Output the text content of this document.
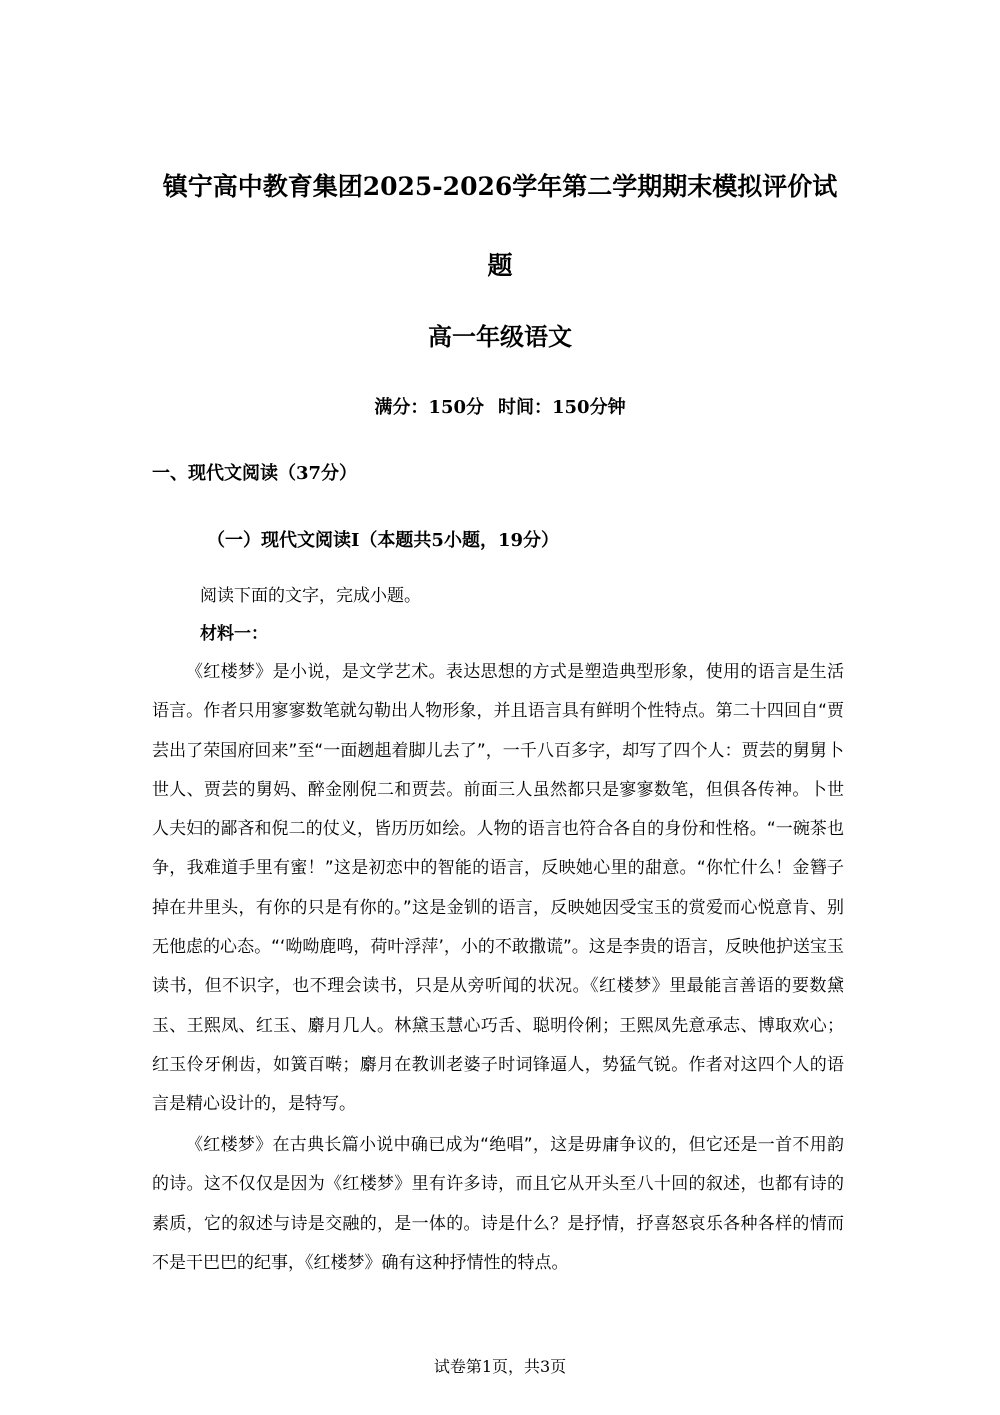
镇宁高中教育集团2025-2026学年第二学期期末模拟评价试
题
高一年级语文
满分：150分 时间：150分钟
一、现代文阅读（37分）
（一）现代文阅读Ⅰ（本题共5小题，19分）

阅读下面的文字，完成小题。

材料一：

《红楼梦》是小说，是文学艺术。表达思想的方式是塑造典型形象，使用的语言是生活语言。作者只用寥寥数笔就勾勒出人物形象，并且语言具有鲜明个性特点。第二十四回自“贾芸出了荣国府回来”至“一面趔趄着脚儿去了”，一千八百多字，却写了四个人：贾芸的舅舅卜世人、贾芸的舅妈、醉金刚倪二和贾芸。前面三人虽然都只是寥寥数笔，但俱各传神。卜世人夫妇的鄙吝和倪二的仗义，皆历历如绘。人物的语言也符合各自的身份和性格。“一碗茶也争，我难道手里有蜜！”这是初恋中的智能的语言，反映她心里的甜意。“你忙什么！金簪子掉在井里头，有你的只是有你的。”这是金钏的语言，反映她因受宝玉的赏爱而心悦意肯、别无他虑的心态。“‘呦呦鹿鸣，荷叶浮萍’，小的不敢撒谎”。这是李贵的语言，反映他护送宝玉读书，但不识字，也不理会读书，只是从旁听闻的状况。《红楼梦》里最能言善语的要数黛玉、王熙凤、红玉、麝月几人。林黛玉慧心巧舌、聪明伶俐；王熙凤先意承志、博取欢心；红玉伶牙俐齿，如簧百啭；麝月在教训老婆子时词锋逼人，势猛气锐。作者对这四个人的语言是精心设计的，是特写。

《红楼梦》在古典长篇小说中确已成为“绝唱”，这是毋庸争议的，但它还是一首不用韵的诗。这不仅仅是因为《红楼梦》里有许多诗，而且它从开头至八十回的叙述，也都有诗的素质，它的叙述与诗是交融的，是一体的。诗是什么？是抒情，抒喜怒哀乐各种各样的情而不是干巴巴的纪事，《红楼梦》确有这种抒情性的特点。

试卷第1页，共3页
